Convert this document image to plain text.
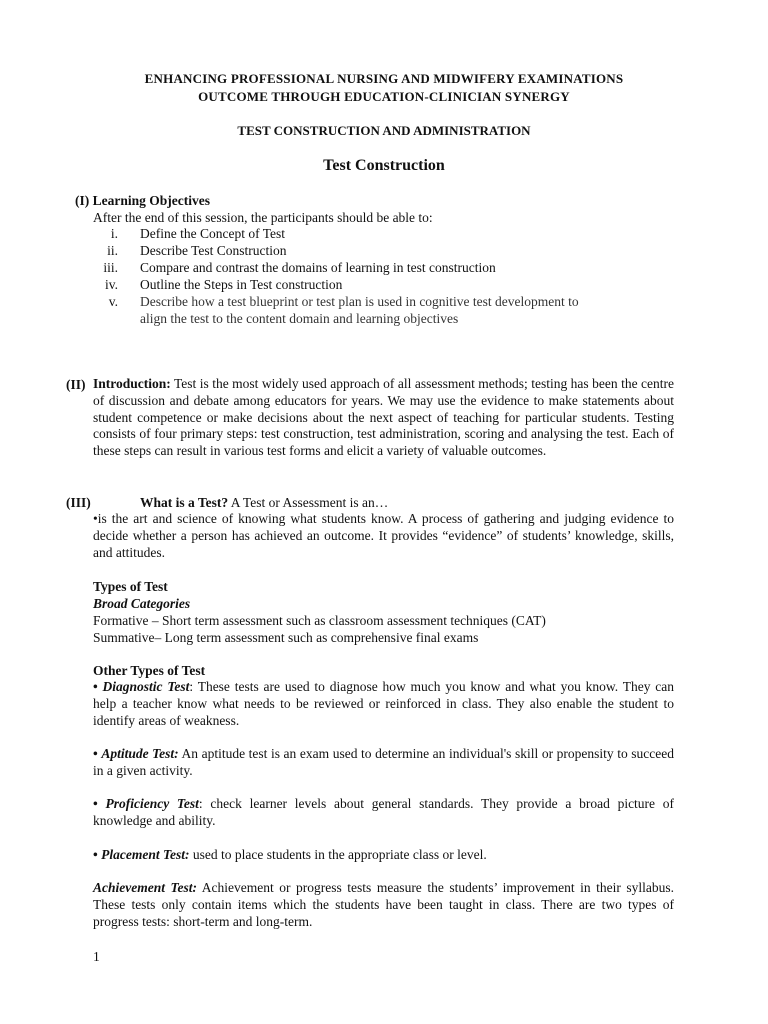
ENHANCING PROFESSIONAL NURSING AND MIDWIFERY EXAMINATIONS
OUTCOME THROUGH EDUCATION-CLINICIAN SYNERGY
TEST CONSTRUCTION AND ADMINISTRATION
Test Construction
(I) Learning Objectives
After the end of this session, the participants should be able to:
i. Define the Concept of Test
ii. Describe Test Construction
iii. Compare and contrast the domains of learning in test construction
iv. Outline the Steps in Test construction
v. Describe how a test blueprint or test plan is used in cognitive test development to
align the test to the content domain and learning objectives
(II) Introduction: Test is the most widely used approach of all assessment methods; testing has been the centre of discussion and debate among educators for years. We may use the evidence to make statements about student competence or make decisions about the next aspect of teaching for particular students. Testing consists of four primary steps: test construction, test administration, scoring and analysing the test. Each of these steps can result in various test forms and elicit a variety of valuable outcomes.
(III)	What is a Test? A Test or Assessment is an…
•is the art and science of knowing what students know. A process of gathering and judging evidence to decide whether a person has achieved an outcome. It provides “evidence” of students’ knowledge, skills, and attitudes.
Types of Test
Broad Categories
Formative – Short term assessment such as classroom assessment techniques (CAT)
Summative– Long term assessment such as comprehensive final exams
Other Types of Test
• Diagnostic Test: These tests are used to diagnose how much you know and what you know. They can help a teacher know what needs to be reviewed or reinforced in class. They also enable the student to identify areas of weakness.
• Aptitude Test: An aptitude test is an exam used to determine an individual's skill or propensity to succeed in a given activity.
• Proficiency Test: check learner levels about general standards. They provide a broad picture of knowledge and ability.
• Placement Test: used to place students in the appropriate class or level.
Achievement Test: Achievement or progress tests measure the students’ improvement in their syllabus. These tests only contain items which the students have been taught in class. There are two types of progress tests: short-term and long-term.
1
